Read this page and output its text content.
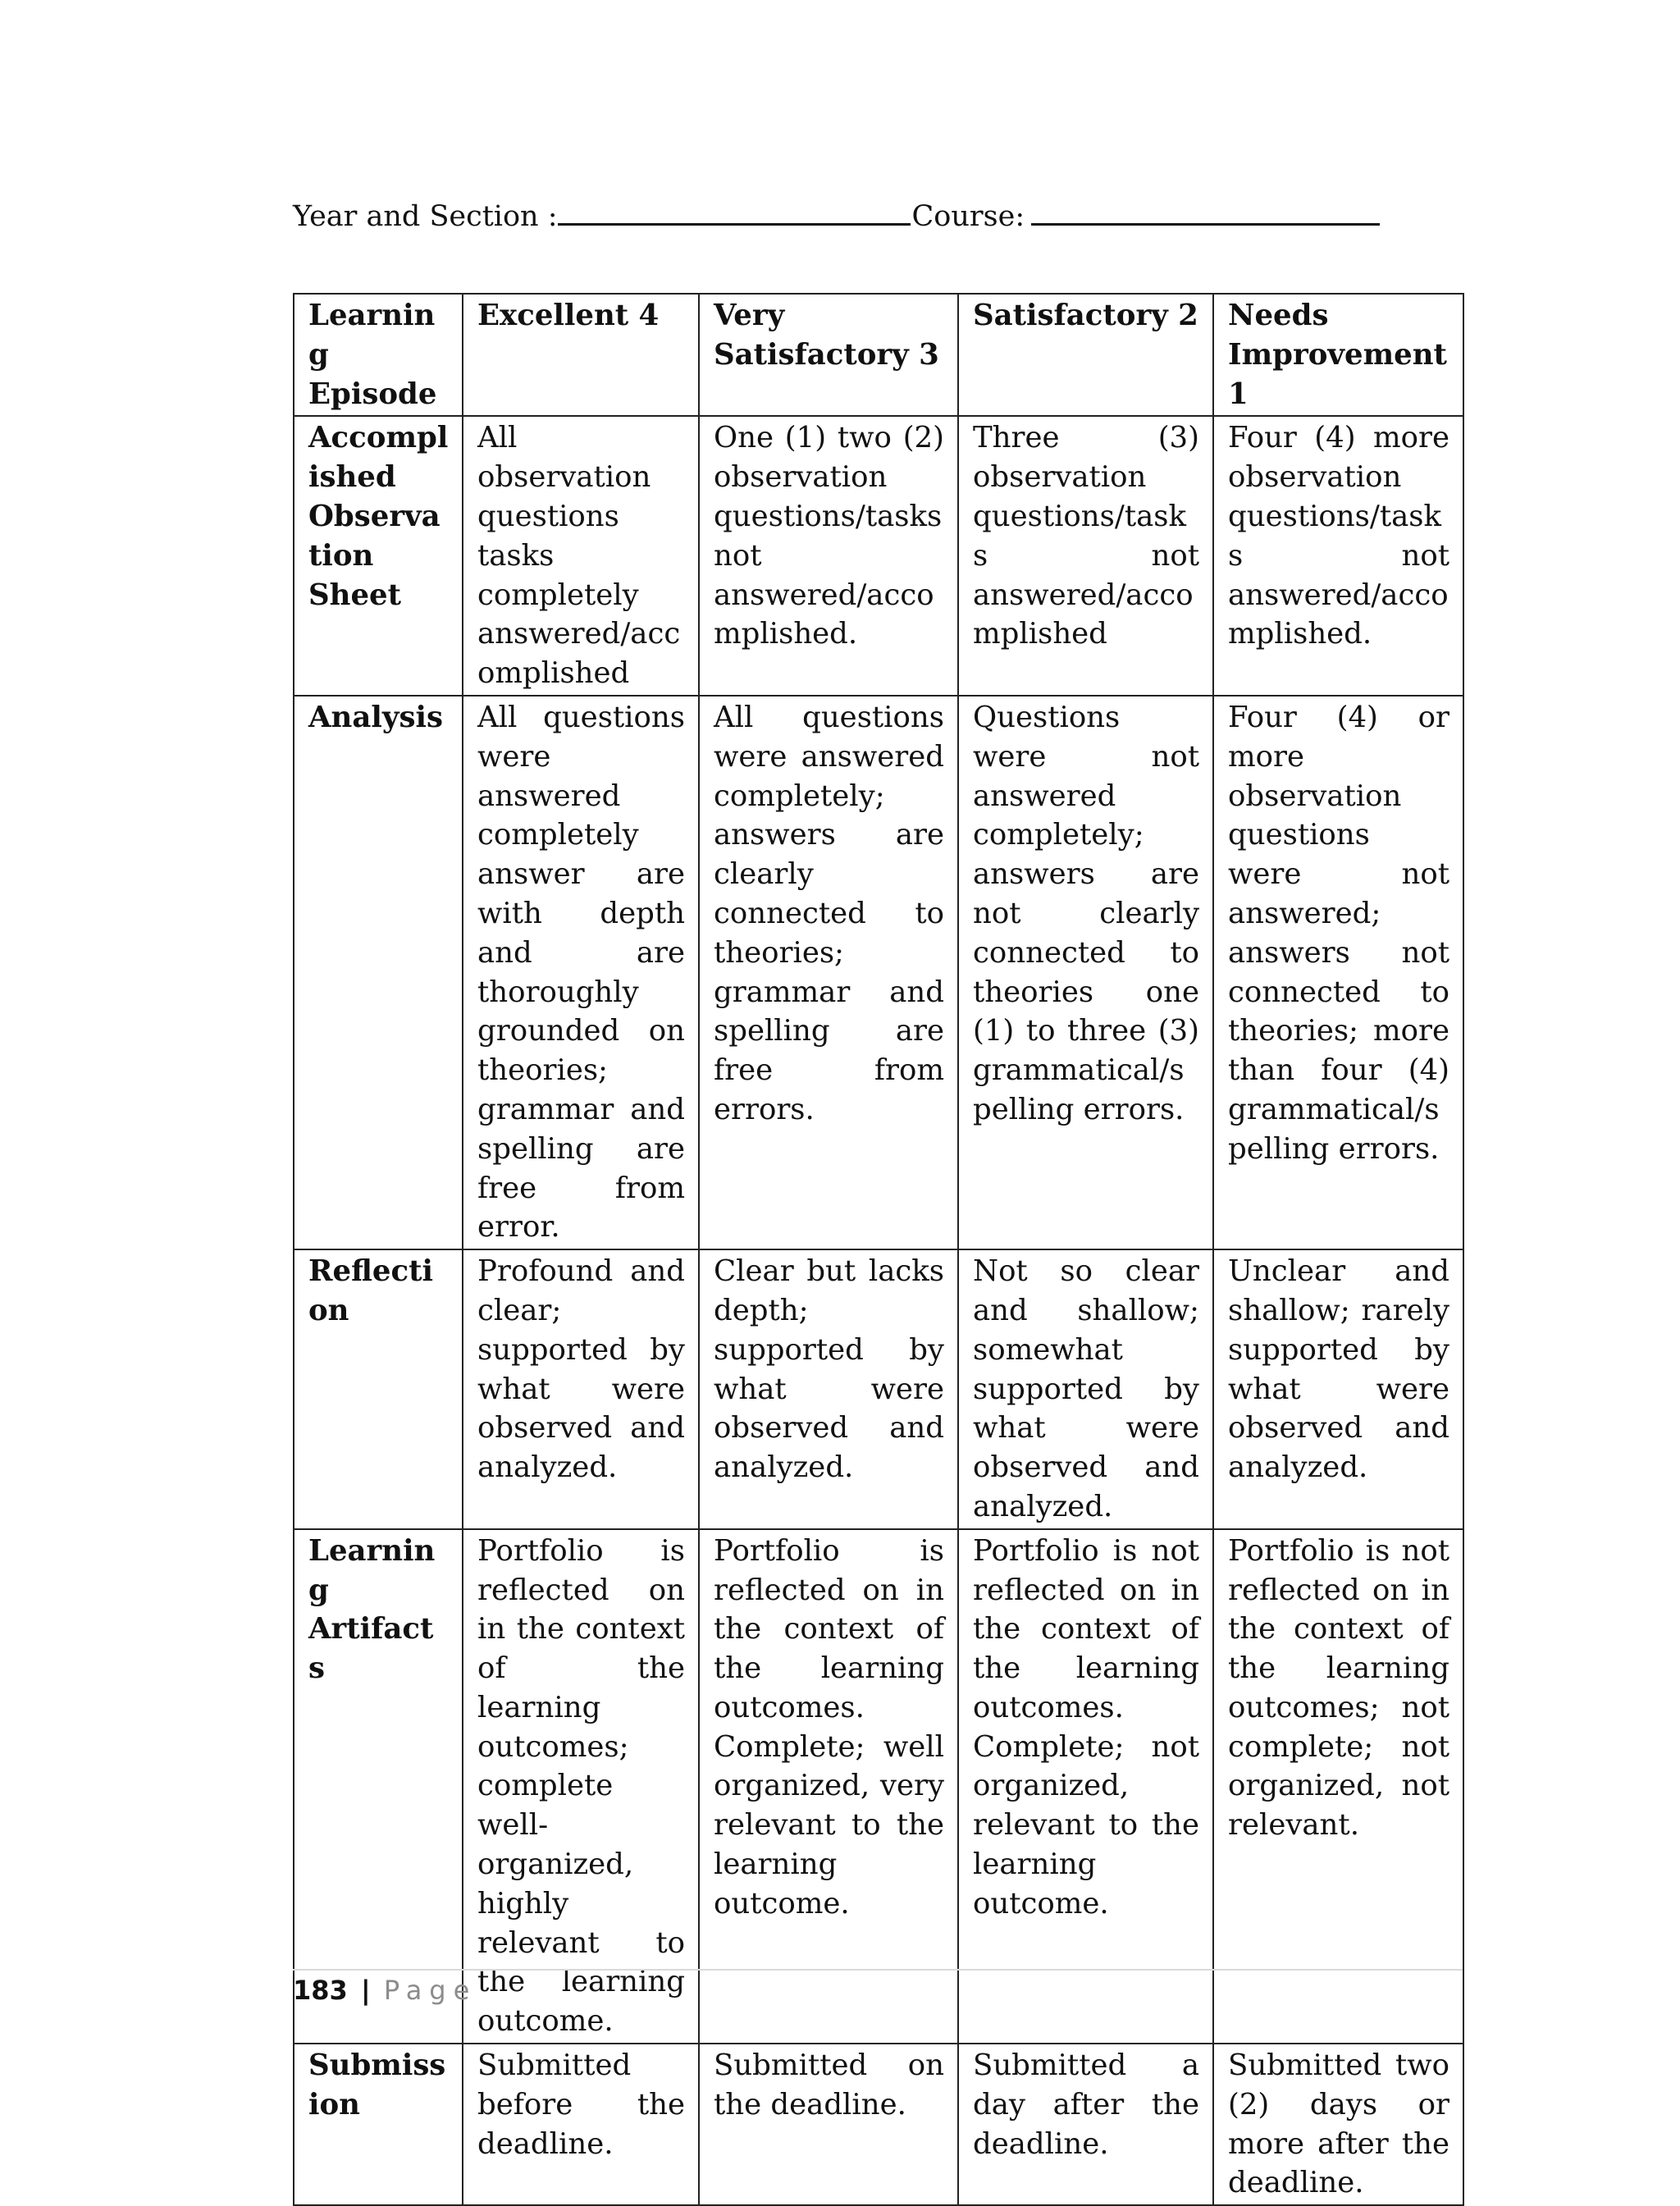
Year and Section :	Course:
Learning Episode	Excellent 4	Very Satisfactory 3	Satisfactory 2	Needs Improvement 1
Accomplished Observation Sheet	All observation questions tasks completely answered/accomplished	One (1) two (2) observation questions/tasks not answered/accomplished.	Three (3) observation questions/tasks not answered/accomplished	Four (4) more observation questions/tasks not answered/accomplished.
Analysis	All questions were answered completely answer are with depth and are thoroughly grounded on theories; grammar and spelling are free from error.	All questions were answered completely; answers are clearly connected to theories; grammar and spelling are free from errors.	Questions were not answered completely; answers are not clearly connected to theories one (1) to three (3) grammatical/spelling errors.	Four (4) or more observation questions were not answered; answers not connected to theories; more than four (4) grammatical/spelling errors.
Reflection	Profound and clear; supported by what were observed and analyzed.	Clear but lacks depth; supported by what were observed and analyzed.	Not so clear and shallow; somewhat supported by what were observed and analyzed.	Unclear and shallow; rarely supported by what were observed and analyzed.
Learning Artifacts	Portfolio is reflected on in the context of the learning outcomes; complete well-organized, highly relevant to the learning outcome.	Portfolio is reflected on in the context of the learning outcomes. Complete; well organized, very relevant to the learning outcome.	Portfolio is not reflected on in the context of the learning outcomes. Complete; not organized, relevant to the learning outcome.	Portfolio is not reflected on in the context of the learning outcomes; not complete; not organized, not relevant.
Submission	Submitted before the deadline.	Submitted on the deadline.	Submitted a day after the deadline.	Submitted two (2) days or more after the deadline.
183 | Page
